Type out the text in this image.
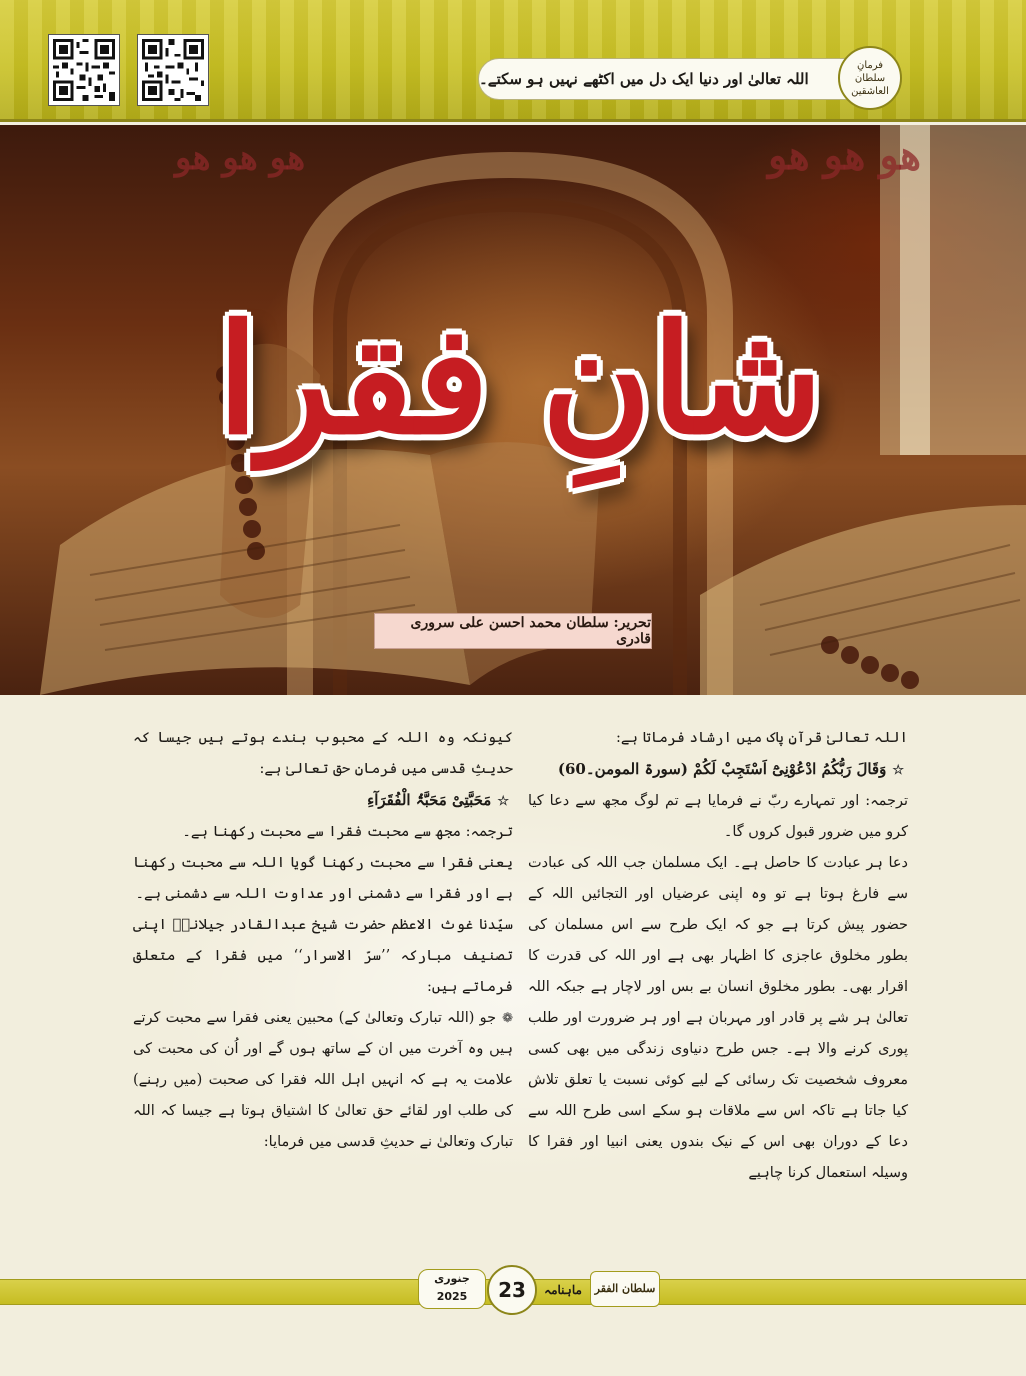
اللہ تعالیٰ اور دنیا ایک دل میں اکٹھے نہیں ہو سکتے۔
فرمانِ
سلطان العاشقین
ھو ھو ھو	ھو ھو ھو
شانِ فقرا
تحریر: سلطان محمد احسن علی سروری قادری

اللہ تعالیٰ قرآنِ پاک میں ارشاد فرماتا ہے:

☆وَقَالَ رَبُّکُمُ ادْعُوْنِیْٓ اَسْتَجِبْ لَکُمْ (سورۃ المومن۔60)

ترجمہ: اور تمہارے ربّ نے فرمایا ہے تم لوگ مجھ سے دعا کیا کرو میں ضرور قبول کروں گا۔

دعا ہر عبادت کا حاصل ہے۔ ایک مسلمان جب اللہ کی عبادت سے فارغ ہوتا ہے تو وہ اپنی عرضیاں اور التجائیں اللہ کے حضور پیش کرتا ہے جو کہ ایک طرح سے اس مسلمان کی بطور مخلوق عاجزی کا اظہار بھی ہے اور اللہ کی قدرت کا اقرار بھی۔ بطور مخلوق انسان بے بس اور لاچار ہے جبکہ اللہ تعالیٰ ہر شے پر قادر اور مہربان ہے اور ہر ضرورت اور طلب پوری کرنے والا ہے۔ جس طرح دنیاوی زندگی میں بھی کسی معروف شخصیت تک رسائی کے لیے کوئی نسبت یا تعلق تلاش کیا جاتا ہے تاکہ اس سے ملاقات ہو سکے اسی طرح اللہ سے دعا کے دوران بھی اس کے نیک بندوں یعنی انبیا اور فقرا کا وسیلہ استعمال کرنا چاہیے

کیونکہ وہ اللہ کے محبوب بندے ہوتے ہیں جیسا کہ حدیثِ قدسی میں فرمانِ حق تعالیٰ ہے:

☆مَحَبَّتِیْ مَحَبَّۃُ الْفُقَرَآءِ

ترجمہ: مجھ سے محبت فقرا سے محبت رکھنا ہے۔

یعنی فقرا سے محبت رکھنا گویا اللہ سے محبت رکھنا ہے اور فقرا سے دشمنی اور عداوت اللہ سے دشمنی ہے۔

سیّدنا غوث الاعظم حضرت شیخ عبدالقادر جیلانیؓ اپنی تصنیف مبارکہ ’’سرّ الاسرار‘‘ میں فقرا کے متعلق فرماتے ہیں:

❁جو (اللہ تبارک وتعالیٰ کے) محبین یعنی فقرا سے محبت کرتے ہیں وہ آخرت میں ان کے ساتھ ہوں گے اور اُن کی محبت کی علامت یہ ہے کہ انہیں اہل اللہ فقرا کی صحبت (میں رہنے) کی طلب اور لقائے حق تعالیٰ کا اشتیاق ہوتا ہے جیسا کہ اللہ تبارک وتعالیٰ نے حدیثِ قدسی میں فرمایا:

جنوری
2025	23	ماہنامہ	سلطان الفقر
